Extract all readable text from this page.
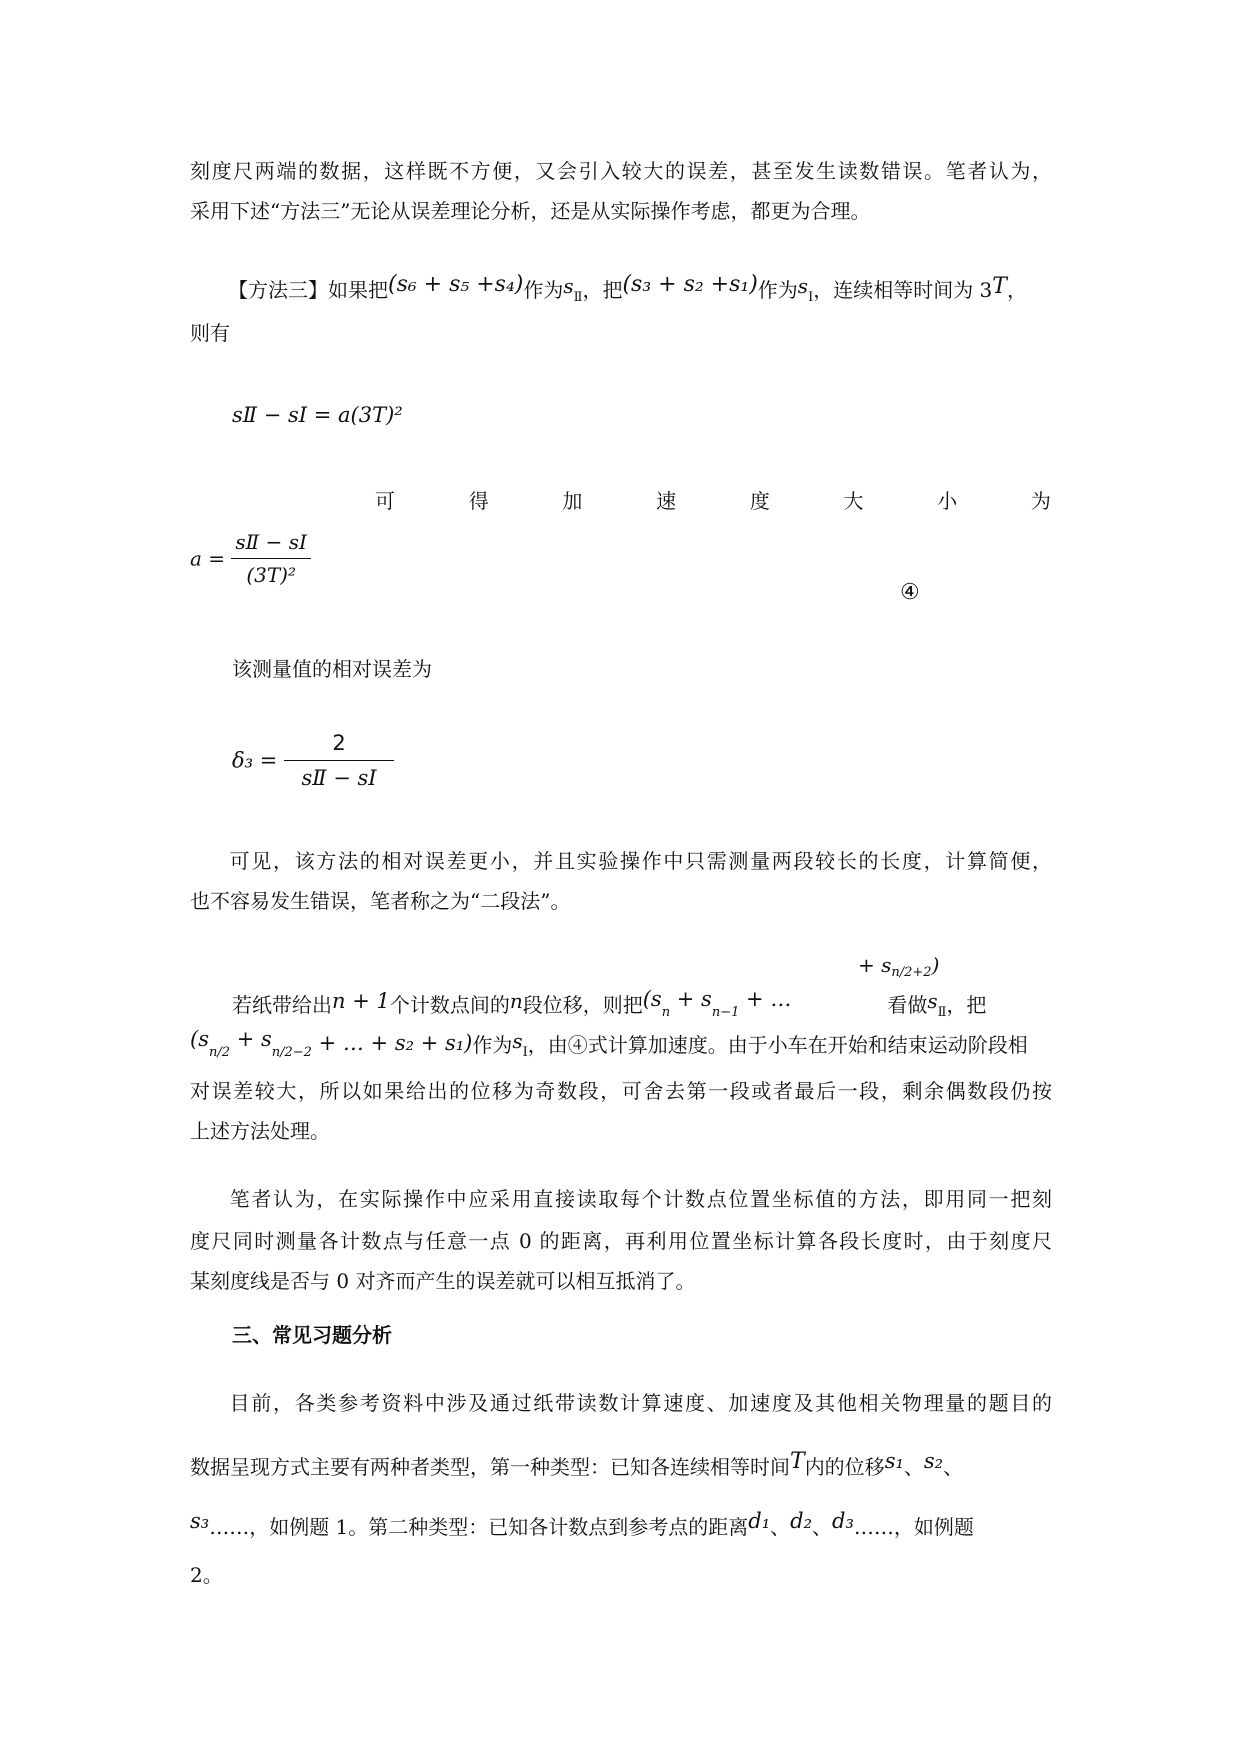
刻度尺两端的数据，这样既不方便，又会引入较大的误差，甚至发生读数错误。笔者认为，
采用下述“方法三”无论从误差理论分析，还是从实际操作考虑，都更为合理。
【方法三】如果把(s₆ + s₅ +s₄)作为$s_Ⅱ$，把(s₃ + s₂ +s₁)作为$s_Ⅰ$，连续相等时间为 3T，
则有
sⅡ − sⅠ = a(3T)²
可	得	加	速	度	大	小	为
$a = \frac{\text{sⅡ − sⅠ}}{\text{(3T)²}}$
④
该测量值的相对误差为
$\delta_3 = \frac{2}{\text{sⅡ − sⅠ}}$
可见，该方法的相对误差更小，并且实验操作中只需测量两段较长的长度，计算简便，
也不容易发生错误，笔者称之为“二段法”。
+ $s_{n/2+2}$)
若纸带给出n + 1个计数点间的n段位移，则把($s_n + s_{n-1}$ + …	看做$s_Ⅱ$，把
($s_{n/2} + s_{n/2-2}$ + … + s₂ + s₁)作为$s_Ⅰ$，由④式计算加速度。由于小车在开始和结束运动阶段相
对误差较大，所以如果给出的位移为奇数段，可舍去第一段或者最后一段，剩余偶数段仍按
上述方法处理。
笔者认为，在实际操作中应采用直接读取每个计数点位置坐标值的方法，即用同一把刻
度尺同时测量各计数点与任意一点 0 的距离，再利用位置坐标计算各段长度时，由于刻度尺
某刻度线是否与 0 对齐而产生的误差就可以相互抵消了。
三、常见习题分析
目前，各类参考资料中涉及通过纸带读数计算速度、加速度及其他相关物理量的题目的
数据呈现方式主要有两种者类型，第一种类型：已知各连续相等时间T内的位移s₁、s₂、
s₃……，如例题 1。第二种类型：已知各计数点到参考点的距离d₁、d₂、d₃……，如例题
2。
